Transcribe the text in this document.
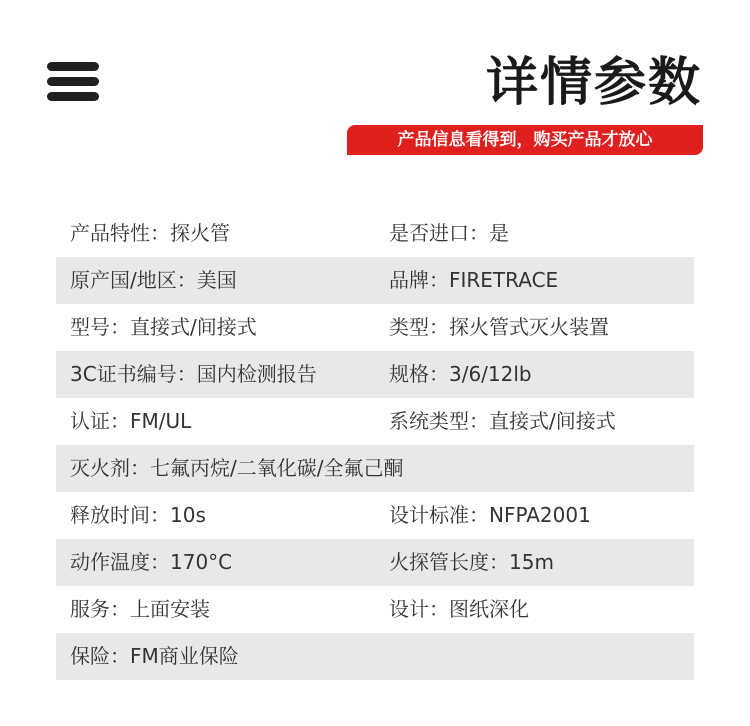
详情参数
产品信息看得到，购买产品才放心
产品特性：探火管	是否进口：是
原产国/地区：美国	品牌：FIRETRACE
型号：直接式/间接式	类型：探火管式灭火装置
3C证书编号：国内检测报告	规格：3/6/12lb
认证：FM/UL	系统类型：直接式/间接式
灭火剂：七氟丙烷/二氧化碳/全氟己酮
释放时间：10s	设计标准：NFPA2001
动作温度：170°C	火探管长度：15m
服务：上面安装	设计：图纸深化
保险：FM商业保险
